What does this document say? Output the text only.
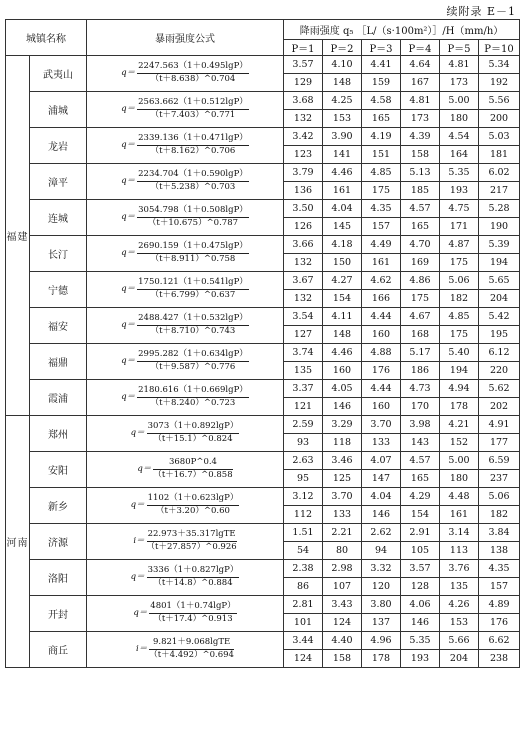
续附录 E－1
城镇名称		暴雨强度公式	降雨强度 q₅ ［L/（s·100m²）］/H（mm/h）					
			P＝1	P＝2	P＝3	P＝4	P＝5	P＝10
福建	武夷山	$q= \frac{2247.563(1+0.495\lg P)}{(t+8.638)\^{}0.704}$	3.57	4.10	4.41	4.64	4.81	5.34
			129	148	159	167	173	192
	浦城	$q= \frac{2563.662(1+0.512\lg P)}{(t+7.403)\^{}0.771}$	3.68	4.25	4.58	4.81	5.00	5.56
			132	153	165	173	180	200
	龙岩	$q= \frac{2339.136(1+0.471\lg P)}{(t+8.162)\^{}0.706}$	3.42	3.90	4.19	4.39	4.54	5.03
			123	141	151	158	164	181
	漳平	$q= \frac{2234.704(1+0.590\lg P)}{(t+5.238)\^{}0.703}$	3.79	4.46	4.85	5.13	5.35	6.02
			136	161	175	185	193	217
	连城	$q= \frac{3054.798(1+0.508\lg P)}{(t+10.675)\^{}0.787}$	3.50	4.04	4.35	4.57	4.75	5.28
			126	145	157	165	171	190
	长汀	$q= \frac{2690.159(1+0.475\lg P)}{(t+8.911)\^{}0.758}$	3.66	4.18	4.49	4.70	4.87	5.39
			132	150	161	169	175	194
	宁德	$q= \frac{1750.121(1+0.541\lg P)}{(t+6.799)\^{}0.637}$	3.67	4.27	4.62	4.86	5.06	5.65
			132	154	166	175	182	204
	福安	$q= \frac{2488.427(1+0.532\lg P)}{(t+8.710)\^{}0.743}$	3.54	4.11	4.44	4.67	4.85	5.42
			127	148	160	168	175	195
	福鼎	$q= \frac{2995.282(1+0.634\lg P)}{(t+9.587)\^{}0.776}$	3.74	4.46	4.88	5.17	5.40	6.12
			135	160	176	186	194	220
	霞浦	$q= \frac{2180.616(1+0.669\lg P)}{(t+8.240)\^{}0.723}$	3.37	4.05	4.44	4.73	4.94	5.62
			121	146	160	170	178	202
河南	郑州	$q= \frac{3073(1+0.892\lg P)}{(t+15.1)\^{}0.824}$	2.59	3.29	3.70	3.98	4.21	4.91
			93	118	133	143	152	177
	安阳	$q= \frac{3680P\^{}0.4}{(t+16.7)\^{}0.858}$	2.63	3.46	4.07	4.57	5.00	6.59
			95	125	147	165	180	237
	新乡	$q= \frac{1102(1+0.623\lg P)}{(t+3.20)\^{}0.60}$	3.12	3.70	4.04	4.29	4.48	5.06
			112	133	146	154	161	182
	济源	$i= \frac{\text{22.973＋35.317lgTE}}{(t+27.857)\^{}0.926}$	1.51	2.21	2.62	2.91	3.14	3.84
			54	80	94	105	113	138
	洛阳	$q= \frac{3336(1+0.827\lg P)}{(t+14.8)\^{}0.884}$	2.38	2.98	3.32	3.57	3.76	4.35
			86	107	120	128	135	157
	开封	$q= \frac{4801(1+0.74\lg P)}{(t+17.4)\^{}0.913}$	2.81	3.43	3.80	4.06	4.26	4.89
			101	124	137	146	153	176
	商丘	$i= \frac{\text{9.821＋9.068lgTE}}{(t+4.492)\^{}0.694}$	3.44	4.40	4.96	5.35	5.66	6.62
			124	158	178	193	204	238
